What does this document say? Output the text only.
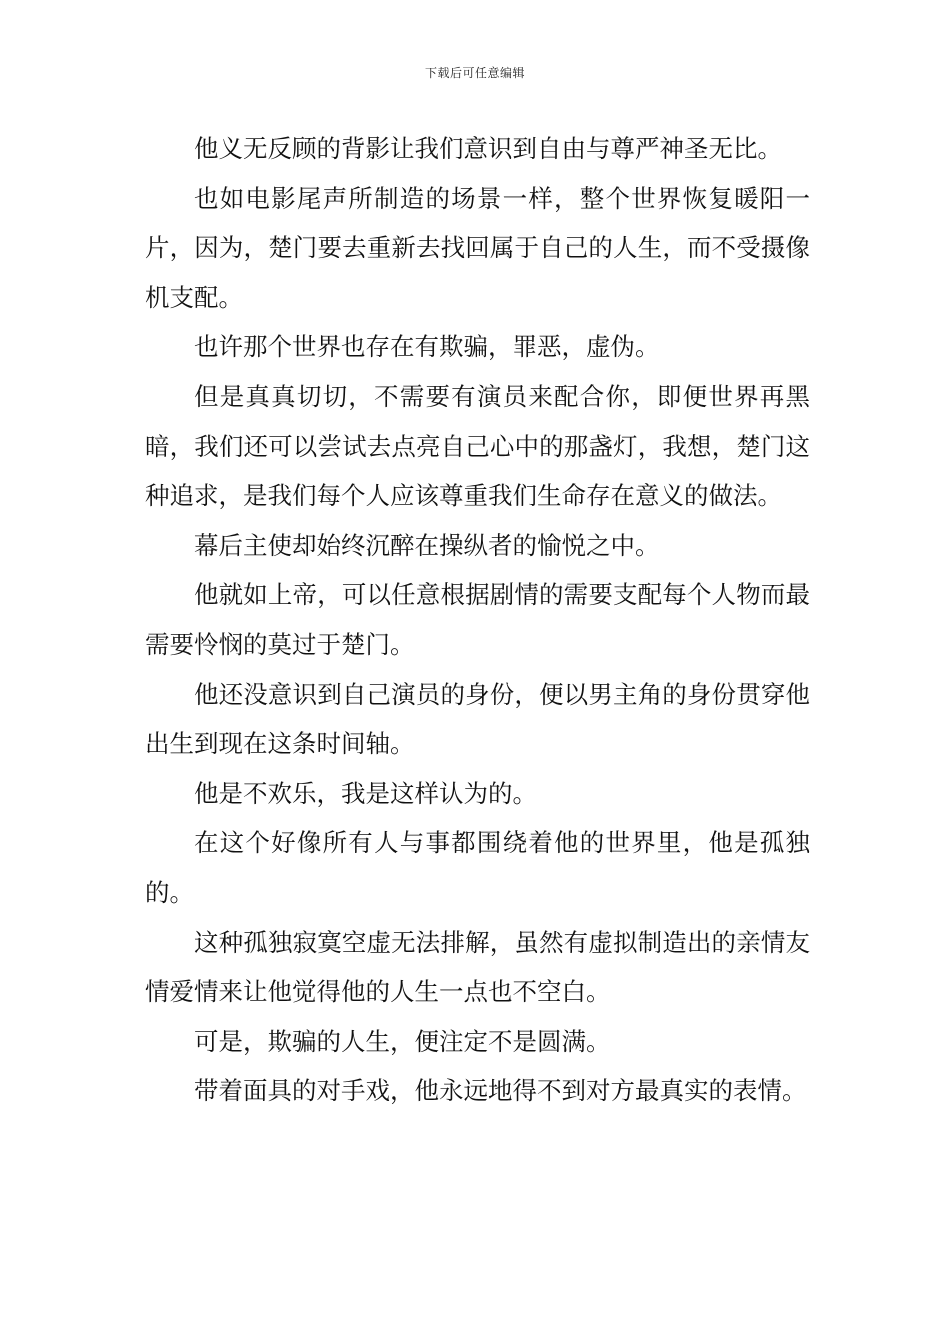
下载后可任意编辑

他义无反顾的背影让我们意识到自由与尊严神圣无比。

也如电影尾声所制造的场景一样，整个世界恢复暖阳一片，因为，楚门要去重新去找回属于自己的人生，而不受摄像机支配。

也许那个世界也存在有欺骗，罪恶，虚伪。

但是真真切切，不需要有演员来配合你，即便世界再黑暗，我们还可以尝试去点亮自己心中的那盏灯，我想，楚门这种追求，是我们每个人应该尊重我们生命存在意义的做法。

幕后主使却始终沉醉在操纵者的愉悦之中。

他就如上帝，可以任意根据剧情的需要支配每个人物而最需要怜悯的莫过于楚门。

他还没意识到自己演员的身份，便以男主角的身份贯穿他出生到现在这条时间轴。

他是不欢乐，我是这样认为的。

在这个好像所有人与事都围绕着他的世界里，他是孤独的。

这种孤独寂寞空虚无法排解，虽然有虚拟制造出的亲情友情爱情来让他觉得他的人生一点也不空白。

可是，欺骗的人生，便注定不是圆满。

带着面具的对手戏，他永远地得不到对方最真实的表情。
